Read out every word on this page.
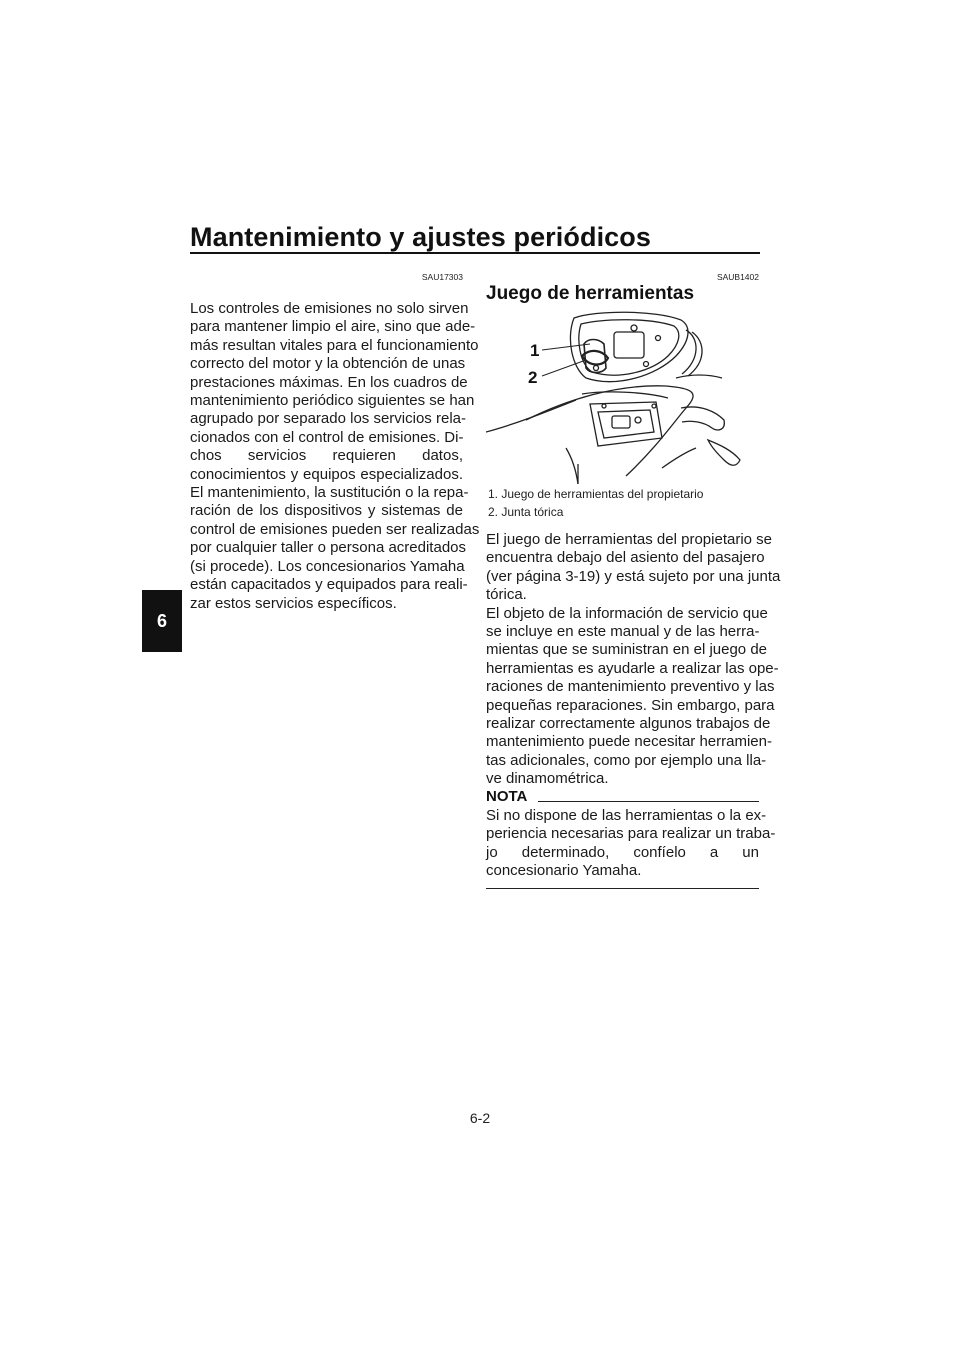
Mantenimiento y ajustes periódicos
6
SAU17303
Los controles de emisiones no solo sirven
para mantener limpio el aire, sino que ade-
más resultan vitales para el funcionamiento
correcto del motor y la obtención de unas
prestaciones máximas. En los cuadros de
mantenimiento periódico siguientes se han
agrupado por separado los servicios rela-
cionados con el control de emisiones. Di-
chos servicios requieren datos,
conocimientos y equipos especializados.
El mantenimiento, la sustitución o la repa-
ración de los dispositivos y sistemas de
control de emisiones pueden ser realizadas
por cualquier taller o persona acreditados
(si procede). Los concesionarios Yamaha
están capacitados y equipados para reali-
zar estos servicios específicos.
SAUB1402
Juego de herramientas
1
2
1. Juego de herramientas del propietario
2. Junta tórica
El juego de herramientas del propietario se
encuentra debajo del asiento del pasajero
(ver página 3-19) y está sujeto por una junta
tórica.
El objeto de la información de servicio que
se incluye en este manual y de las herra-
mientas que se suministran en el juego de
herramientas es ayudarle a realizar las ope-
raciones de mantenimiento preventivo y las
pequeñas reparaciones. Sin embargo, para
realizar correctamente algunos trabajos de
mantenimiento puede necesitar herramien-
tas adicionales, como por ejemplo una lla-
ve dinamométrica.
NOTA
Si no dispone de las herramientas o la ex-
periencia necesarias para realizar un traba-
jo determinado, confíelo a un
concesionario Yamaha.
6-2
